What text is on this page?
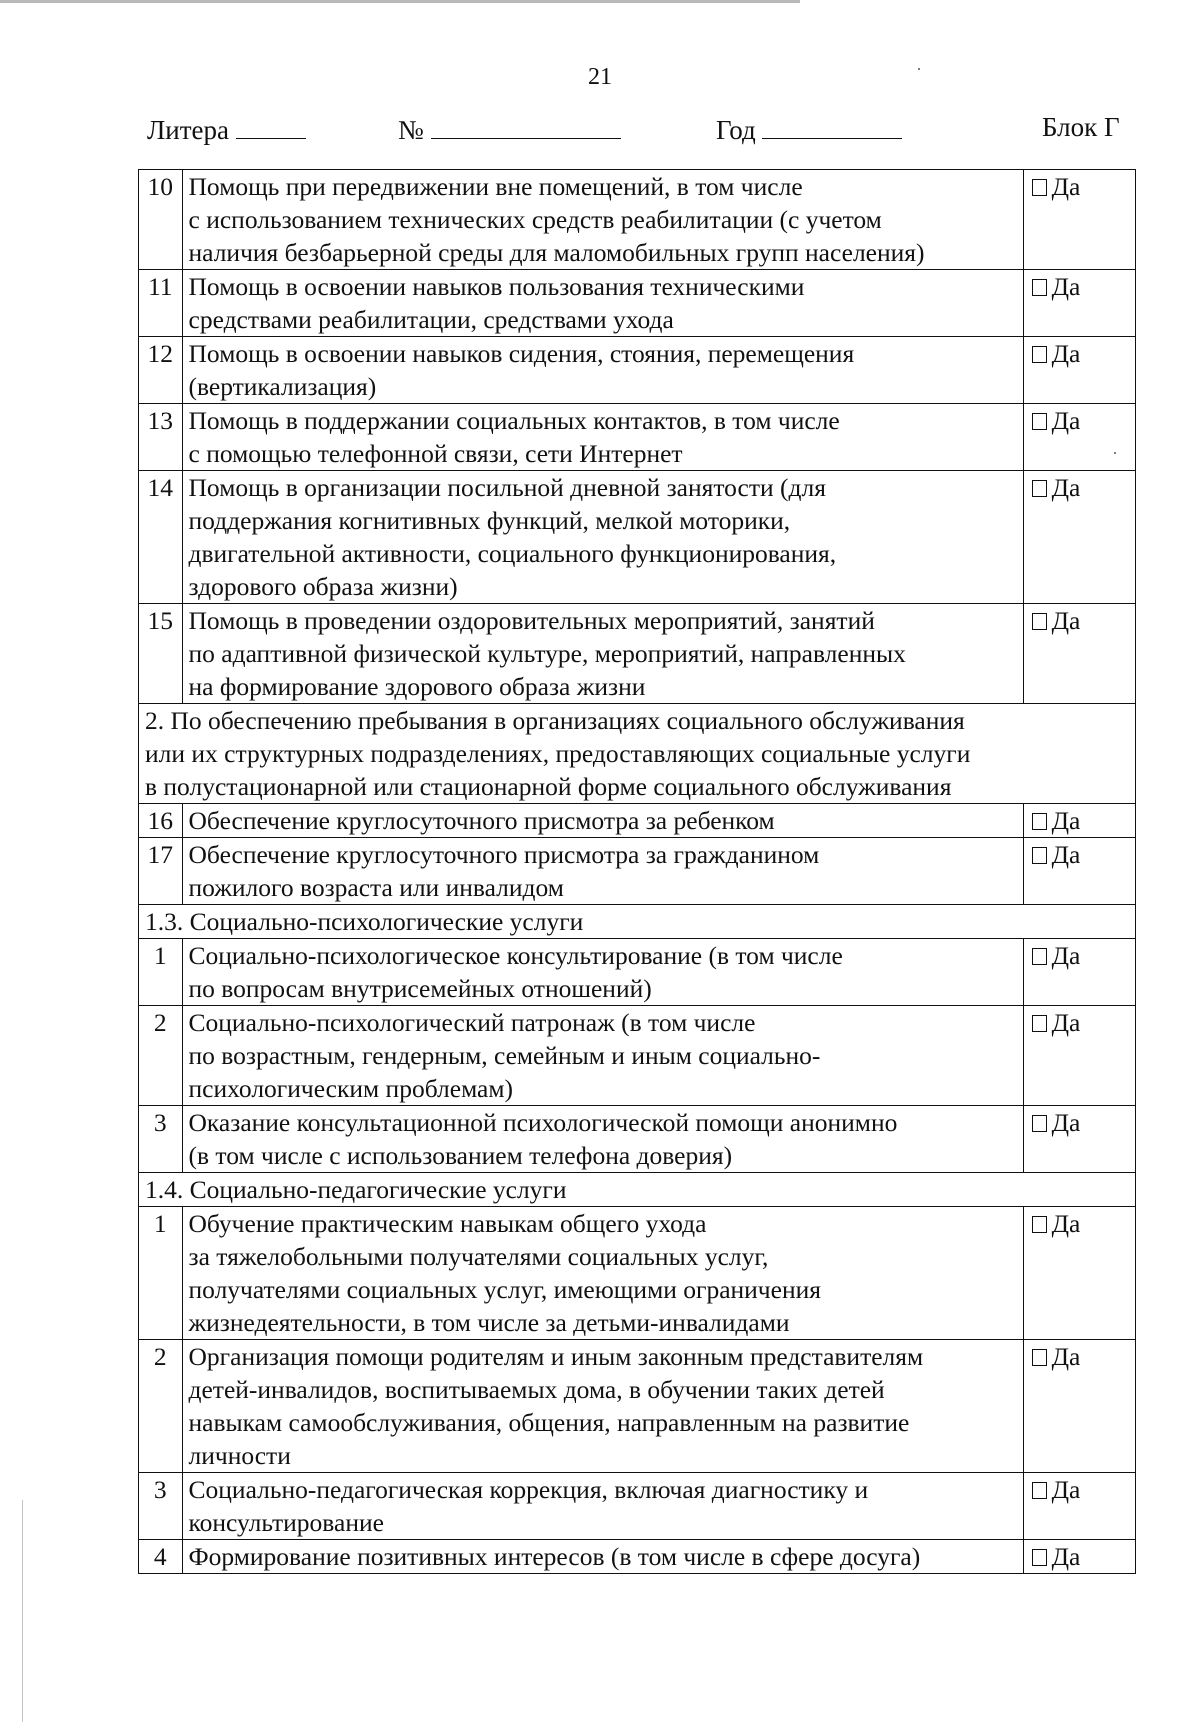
21
Литера	№	Год	Блок Г
10	Помощь при передвижении вне помещений, в том числе
с использованием технических средств реабилитации (с учетом
наличия безбарьерной среды для маломобильных групп населения)	Да
11	Помощь в освоении навыков пользования техническими
средствами реабилитации, средствами ухода	Да
12	Помощь в освоении навыков сидения, стояния, перемещения
(вертикализация)	Да
13	Помощь в поддержании социальных контактов, в том числе
с помощью телефонной связи, сети Интернет	Да
14	Помощь в организации посильной дневной занятости (для
поддержания когнитивных функций, мелкой моторики,
двигательной активности, социального функционирования,
здорового образа жизни)	Да
15	Помощь в проведении оздоровительных мероприятий, занятий
по адаптивной физической культуре, мероприятий, направленных
на формирование здорового образа жизни	Да

2. По обеспечению пребывания в организациях социального обслуживания
или их структурных подразделениях, предоставляющих социальные услуги
в полустационарной или стационарной форме социального обслуживания		

16	Обеспечение круглосуточного присмотра за ребенком	Да
17	Обеспечение круглосуточного присмотра за гражданином
пожилого возраста или инвалидом	Да

1.3. Социально-психологические услуги		

1	Социально-психологическое консультирование (в том числе
по вопросам внутрисемейных отношений)	Да
2	Социально-психологический патронаж (в том числе
по возрастным, гендерным, семейным и иным социально-
психологическим проблемам)	Да
3	Оказание консультационной психологической помощи анонимно
(в том числе с использованием телефона доверия)	Да

1.4. Социально-педагогические услуги		

1	Обучение практическим навыкам общего ухода
за тяжелобольными получателями социальных услуг,
получателями социальных услуг, имеющими ограничения
жизнедеятельности, в том числе за детьми-инвалидами	Да
2	Организация помощи родителям и иным законным представителям
детей-инвалидов, воспитываемых дома, в обучении таких детей
навыкам самообслуживания, общения, направленным на развитие
личности	Да
3	Социально-педагогическая коррекция, включая диагностику и
консультирование	Да
4	Формирование позитивных интересов (в том числе в сфере досуга)	Да
